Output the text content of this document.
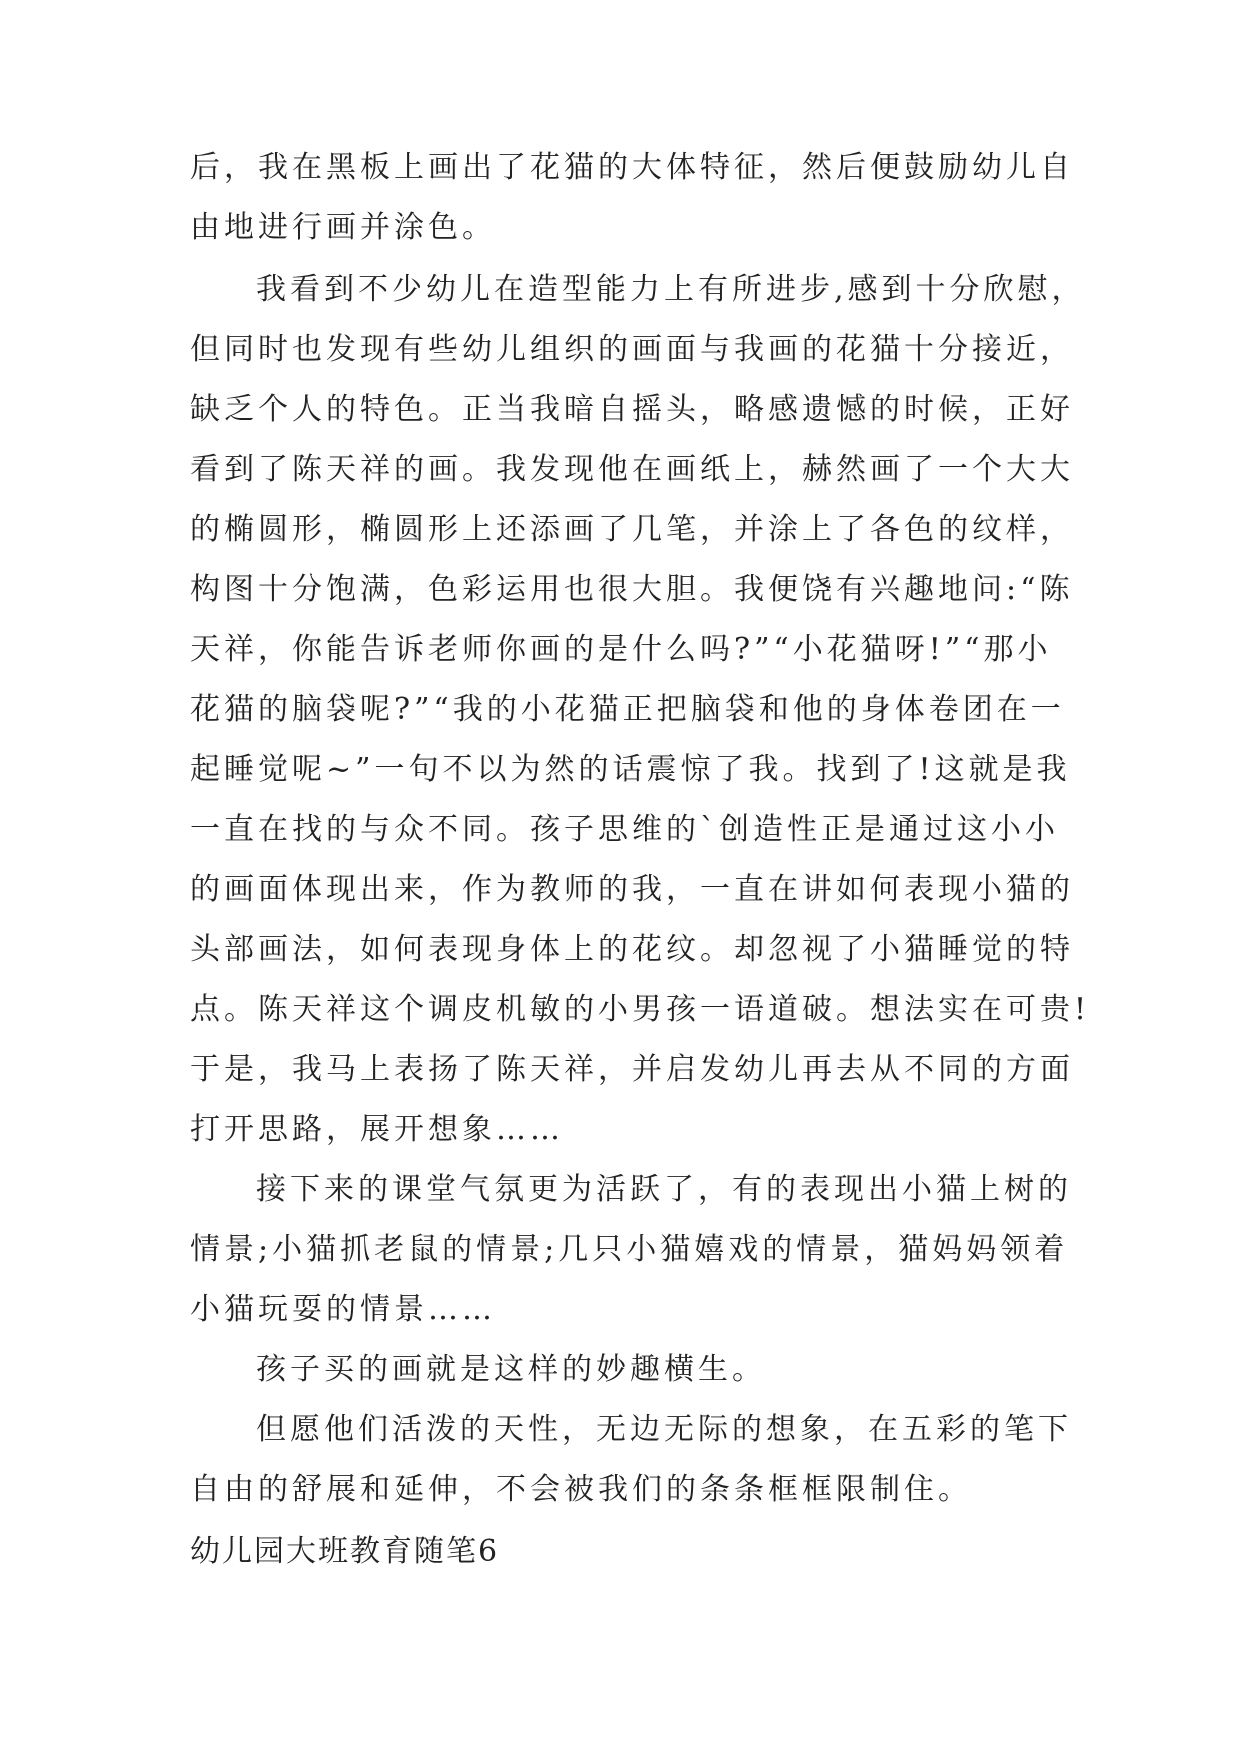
后，我在黑板上画出了花猫的大体特征，然后便鼓励幼儿自
由地进行画并涂色。
我看到不少幼儿在造型能力上有所进步,感到十分欣慰，
但同时也发现有些幼儿组织的画面与我画的花猫十分接近，
缺乏个人的特色。正当我暗自摇头，略感遗憾的时候，正好
看到了陈天祥的画。我发现他在画纸上，赫然画了一个大大
的椭圆形，椭圆形上还添画了几笔，并涂上了各色的纹样，
构图十分饱满，色彩运用也很大胆。我便饶有兴趣地问:“陈
天祥，你能告诉老师你画的是什么吗?”“小花猫呀!”“那小
花猫的脑袋呢?”“我的小花猫正把脑袋和他的身体卷团在一
起睡觉呢~”一句不以为然的话震惊了我。找到了!这就是我
一直在找的与众不同。孩子思维的`创造性正是通过这小小
的画面体现出来，作为教师的我，一直在讲如何表现小猫的
头部画法，如何表现身体上的花纹。却忽视了小猫睡觉的特
点。陈天祥这个调皮机敏的小男孩一语道破。想法实在可贵!
于是，我马上表扬了陈天祥，并启发幼儿再去从不同的方面
打开思路，展开想象……
接下来的课堂气氛更为活跃了，有的表现出小猫上树的
情景;小猫抓老鼠的情景;几只小猫嬉戏的情景，猫妈妈领着
小猫玩耍的情景……
孩子买的画就是这样的妙趣横生。
但愿他们活泼的天性，无边无际的想象，在五彩的笔下
自由的舒展和延伸，不会被我们的条条框框限制住。
幼儿园大班教育随笔6
